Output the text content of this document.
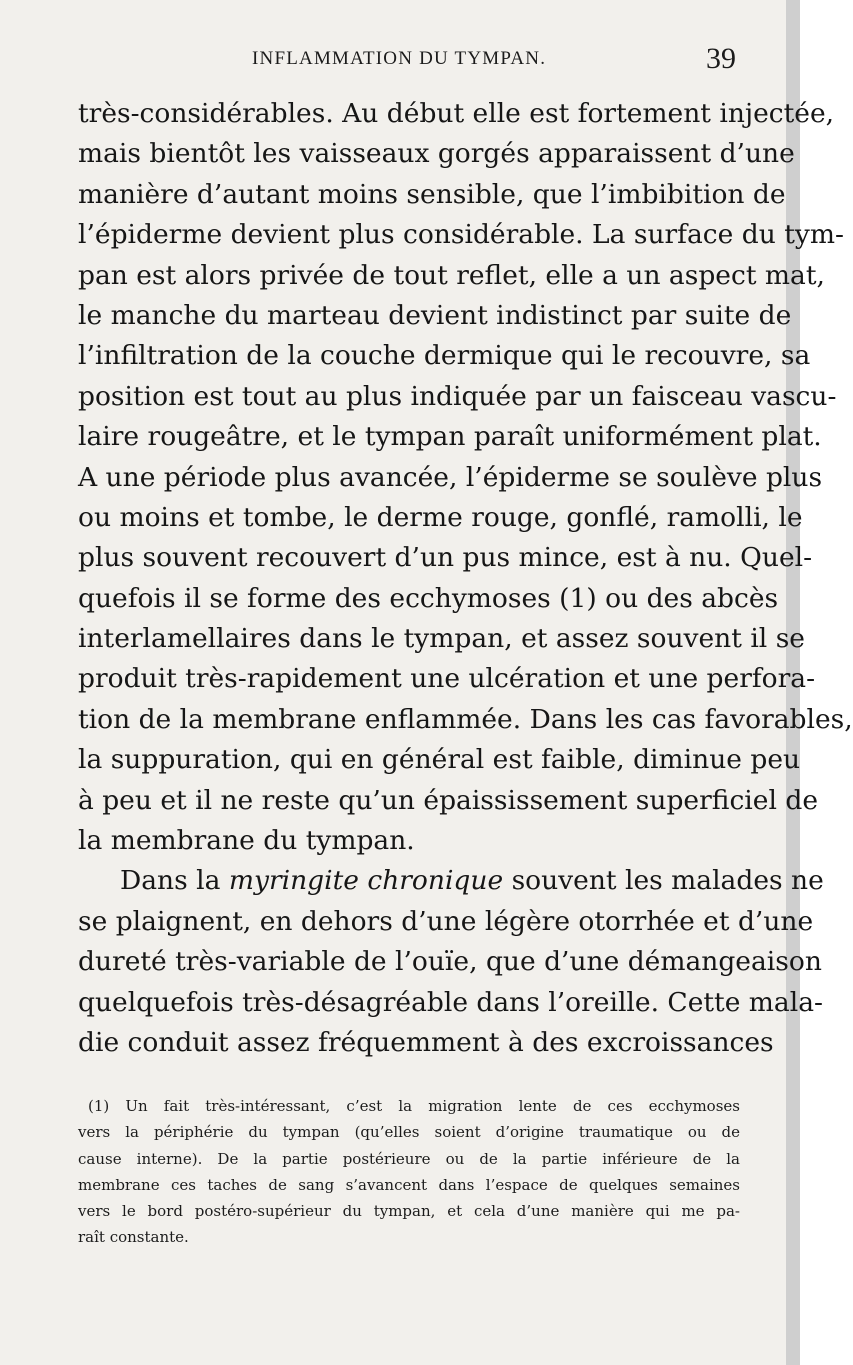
INFLAMMATION DU TYMPAN.	39
très-considérables. Au début elle est fortement injectée,
mais bientôt les vaisseaux gorgés apparaissent d’une
manière d’autant moins sensible, que l’imbibition de
l’épiderme devient plus considérable. La surface du tym-
pan est alors privée de tout reflet, elle a un aspect mat,
le manche du marteau devient indistinct par suite de
l’infiltration de la couche dermique qui le recouvre, sa
position est tout au plus indiquée par un faisceau vascu-
laire rougeâtre, et le tympan paraît uniformément plat.
A une période plus avancée, l’épiderme se soulève plus
ou moins et tombe, le derme rouge, gonflé, ramolli, le
plus souvent recouvert d’un pus mince, est à nu. Quel-
quefois il se forme des ecchymoses (1) ou des abcès
interlamellaires dans le tympan, et assez souvent il se
produit très-rapidement une ulcération et une perfora-
tion de la membrane enflammée. Dans les cas favorables,
la suppuration, qui en général est faible, diminue peu
à peu et il ne reste qu’un épaississement superficiel de
la membrane du tympan.
Dans la myringite chronique souvent les malades ne
se plaignent, en dehors d’une légère otorrhée et d’une
dureté très-variable de l’ouïe, que d’une démangeaison
quelquefois très-désagréable dans l’oreille. Cette mala-
die conduit assez fréquemment à des excroissances
(1) Un fait très-intéressant, c’est la migration lente de ces ecchymoses
vers la périphérie du tympan (qu’elles soient d’origine traumatique ou de
cause interne). De la partie postérieure ou de la partie inférieure de la
membrane ces taches de sang s’avancent dans l’espace de quelques semaines
vers le bord postéro-supérieur du tympan, et cela d’une manière qui me pa-
raît constante.
